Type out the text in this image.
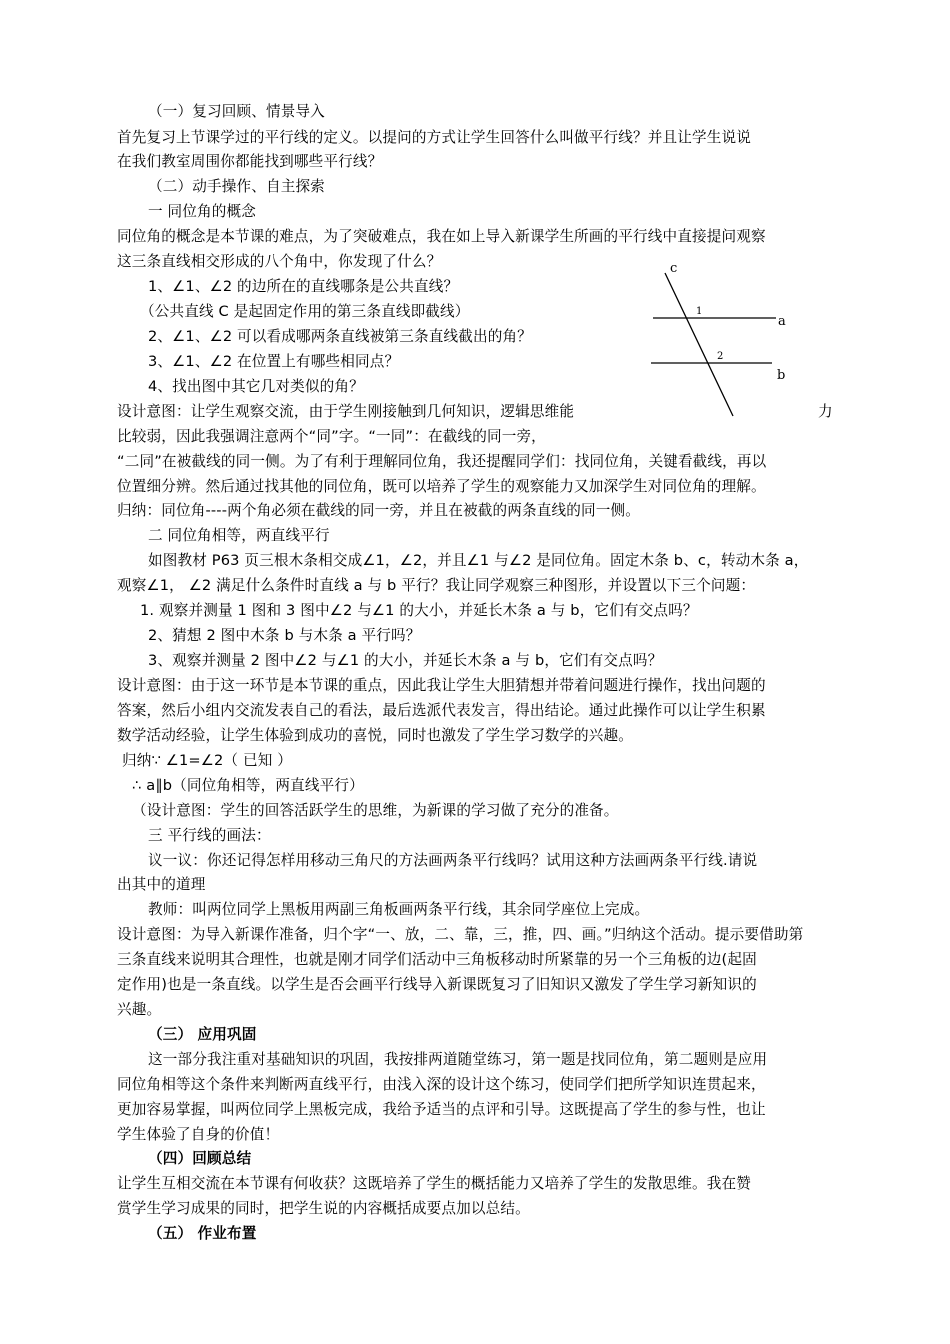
（一）复习回顾、情景导入
首先复习上节课学过的平行线的定义。以提问的方式让学生回答什么叫做平行线？并且让学生说说
在我们教室周围你都能找到哪些平行线？
（二）动手操作、自主探索
一 同位角的概念
同位角的概念是本节课的难点，为了突破难点，我在如上导入新课学生所画的平行线中直接提问观察
这三条直线相交形成的八个角中，你发现了什么？
1、∠1、∠2 的边所在的直线哪条是公共直线？
（公共直线 C 是起固定作用的第三条直线即截线）
2、∠1、∠2 可以看成哪两条直线被第三条直线截出的角？
3、∠1、∠2 在位置上有哪些相同点？
4、找出图中其它几对类似的角？
设计意图：让学生观察交流，由于学生刚接触到几何知识，逻辑思维能	力
比较弱，因此我强调注意两个“同”字。“一同”：在截线的同一旁，
“二同”在被截线的同一侧。为了有利于理解同位角，我还提醒同学们：找同位角，关键看截线，再以
位置细分辨。然后通过找其他的同位角，既可以培养了学生的观察能力又加深学生对同位角的理解。
归纳：同位角----两个角必须在截线的同一旁，并且在被截的两条直线的同一侧。
二 同位角相等，两直线平行
如图教材 P63 页三根木条相交成∠1，∠2，并且∠1 与∠2 是同位角。固定木条 b、c，转动木条 a，
观察∠1， ∠2 满足什么条件时直线 a 与 b 平行？我让同学观察三种图形，并设置以下三个问题：
1. 观察并测量 1 图和 3 图中∠2 与∠1 的大小，并延长木条 a 与 b，它们有交点吗？
2、猜想 2 图中木条 b 与木条 a 平行吗？
3、观察并测量 2 图中∠2 与∠1 的大小，并延长木条 a 与 b，它们有交点吗？
设计意图：由于这一环节是本节课的重点，因此我让学生大胆猜想并带着问题进行操作，找出问题的
答案，然后小组内交流发表自己的看法，最后选派代表发言，得出结论。通过此操作可以让学生积累
数学活动经验，让学生体验到成功的喜悦，同时也激发了学生学习数学的兴趣。
归纳∵ ∠1=∠2（ 已知 ）
∴ a∥b（同位角相等，两直线平行）
（设计意图：学生的回答活跃学生的思维，为新课的学习做了充分的准备。
三 平行线的画法：
议一议：你还记得怎样用移动三角尺的方法画两条平行线吗？试用这种方法画两条平行线.请说
出其中的道理
教师：叫两位同学上黑板用两副三角板画两条平行线，其余同学座位上完成。
设计意图：为导入新课作准备，归个字“一、放，二、靠，三，推，四、画。”归纳这个活动。提示要借助第
三条直线来说明其合理性，也就是刚才同学们活动中三角板移动时所紧靠的另一个三角板的边(起固
定作用)也是一条直线。以学生是否会画平行线导入新课既复习了旧知识又激发了学生学习新知识的
兴趣。
（三） 应用巩固
这一部分我注重对基础知识的巩固，我按排两道随堂练习，第一题是找同位角，第二题则是应用
同位角相等这个条件来判断两直线平行，由浅入深的设计这个练习，使同学们把所学知识连贯起来，
更加容易掌握，叫两位同学上黑板完成，我给予适当的点评和引导。这既提高了学生的参与性，也让
学生体验了自身的价值！
（四）回顾总结
让学生互相交流在本节课有何收获？这既培养了学生的概括能力又培养了学生的发散思维。我在赞
赏学生学习成果的同时，把学生说的内容概括成要点加以总结。
（五） 作业布置
c
a
b
1
2
